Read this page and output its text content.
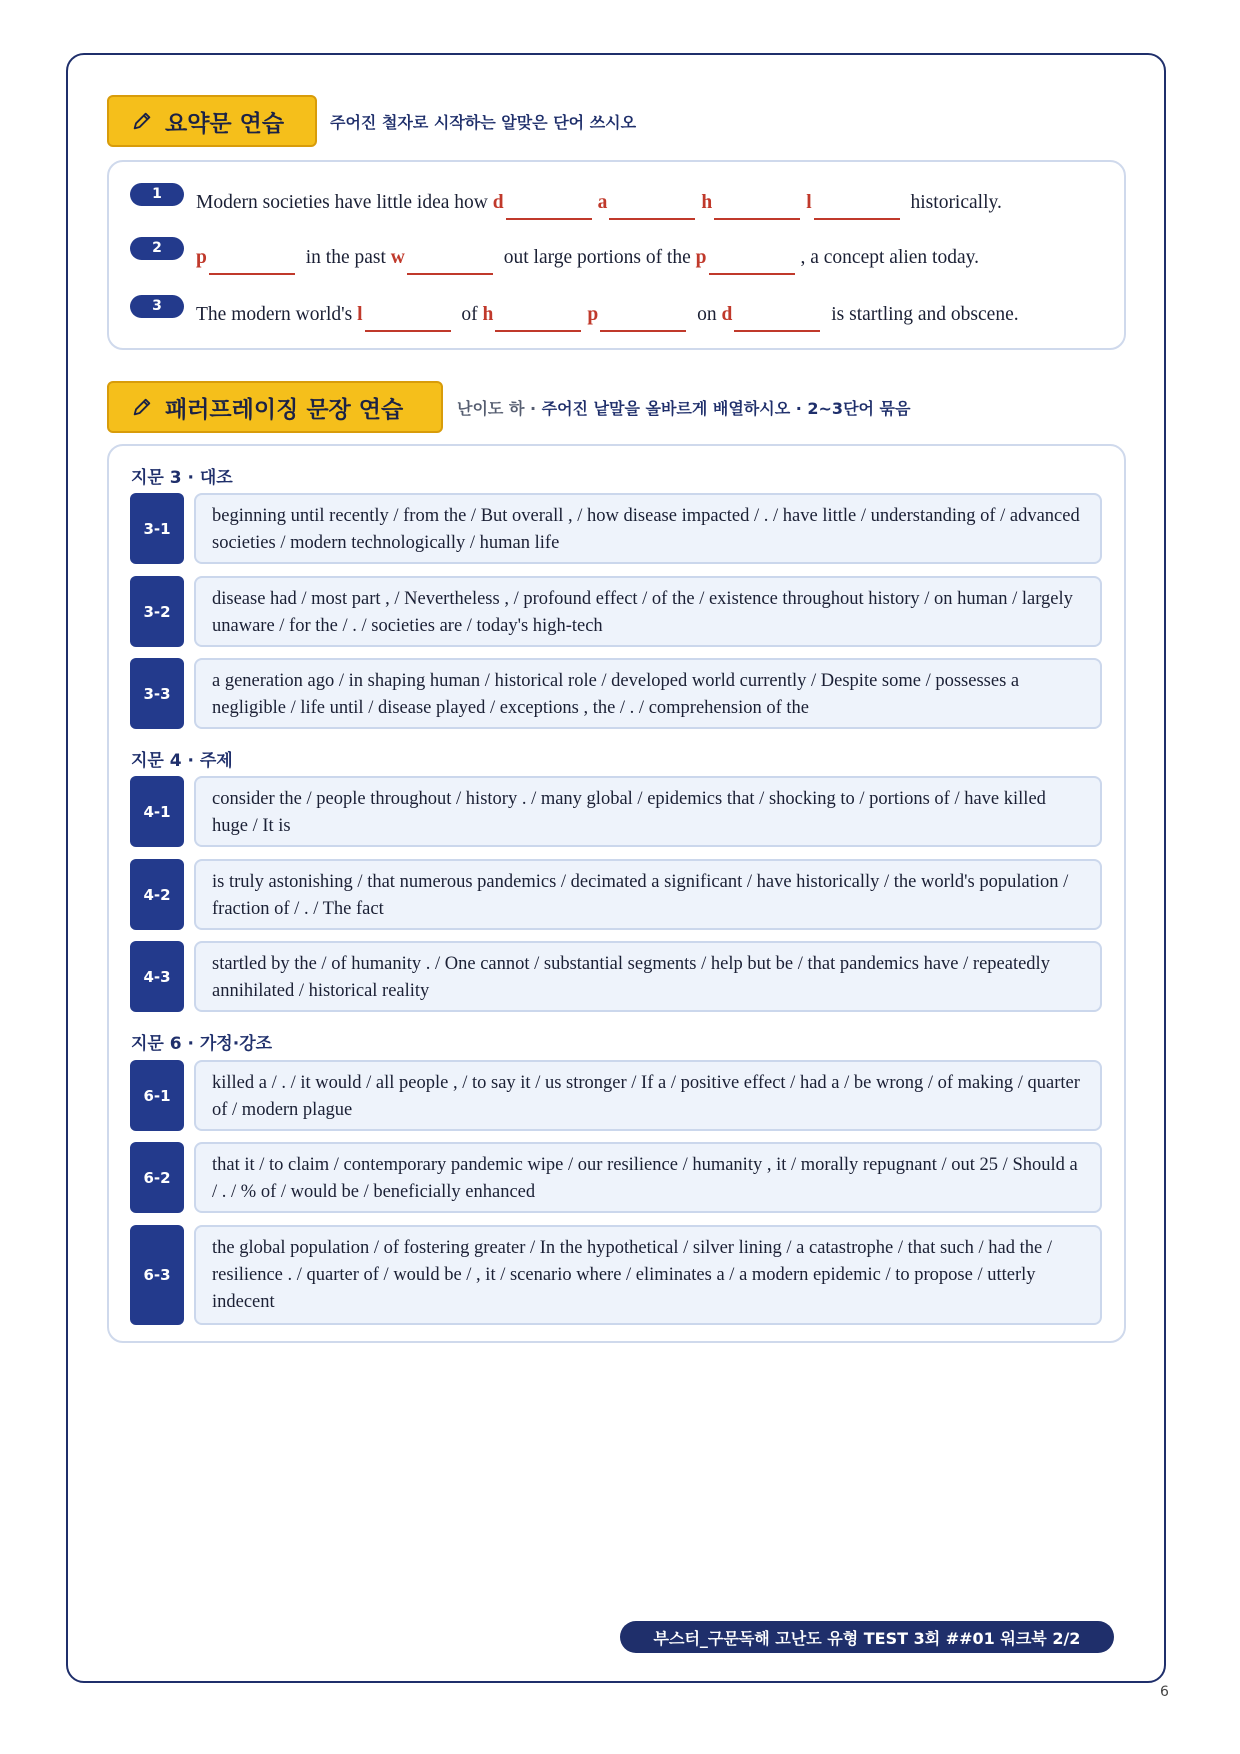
요약문 연습	주어진 철자로 시작하는 알맞은 단어 쓰시오
1	Modern societies have little idea how d	a	h	l	historically.
2	p	in the past w	out large portions of the p	, a concept alien today.
3	The modern world's l	of h	p	on d	is startling and obscene.
패러프레이징 문장 연습	난이도 하 · 주어진 낱말을 올바르게 배열하시오 · 2~3단어 묶음
지문 3 · 대조
3-1
beginning until recently / from the / But overall , / how disease impacted / . / have little / understanding of / advanced societies / modern technologically / human life
3-2
disease had / most part , / Nevertheless , / profound effect / of the / existence throughout history / on human / largely unaware / for the / . / societies are / today's high-tech
3-3
a generation ago / in shaping human / historical role / developed world currently / Despite some / possesses a negligible / life until / disease played / exceptions , the / . / comprehension of the
지문 4 · 주제
4-1
consider the / people throughout / history . / many global / epidemics that / shocking to / portions of / have killed huge / It is
4-2
is truly astonishing / that numerous pandemics / decimated a significant / have historically / the world's population / fraction of / . / The fact
4-3
startled by the / of humanity . / One cannot / substantial segments / help but be / that pandemics have / repeatedly annihilated / historical reality
지문 6 · 가정·강조
6-1
killed a / . / it would / all people , / to say it / us stronger / If a / positive effect / had a / be wrong / of making / quarter of / modern plague
6-2
that it / to claim / contemporary pandemic wipe / our resilience / humanity , it / morally repugnant / out 25 / Should a / . / % of / would be / beneficially enhanced
6-3
the global population / of fostering greater / In the hypothetical / silver lining / a catastrophe / that such / had the / resilience . / quarter of / would be / , it / scenario where / eliminates a / a modern epidemic / to propose / utterly indecent
부스터_구문독해 고난도 유형 TEST 3회 ##01 워크북 2/2
6
